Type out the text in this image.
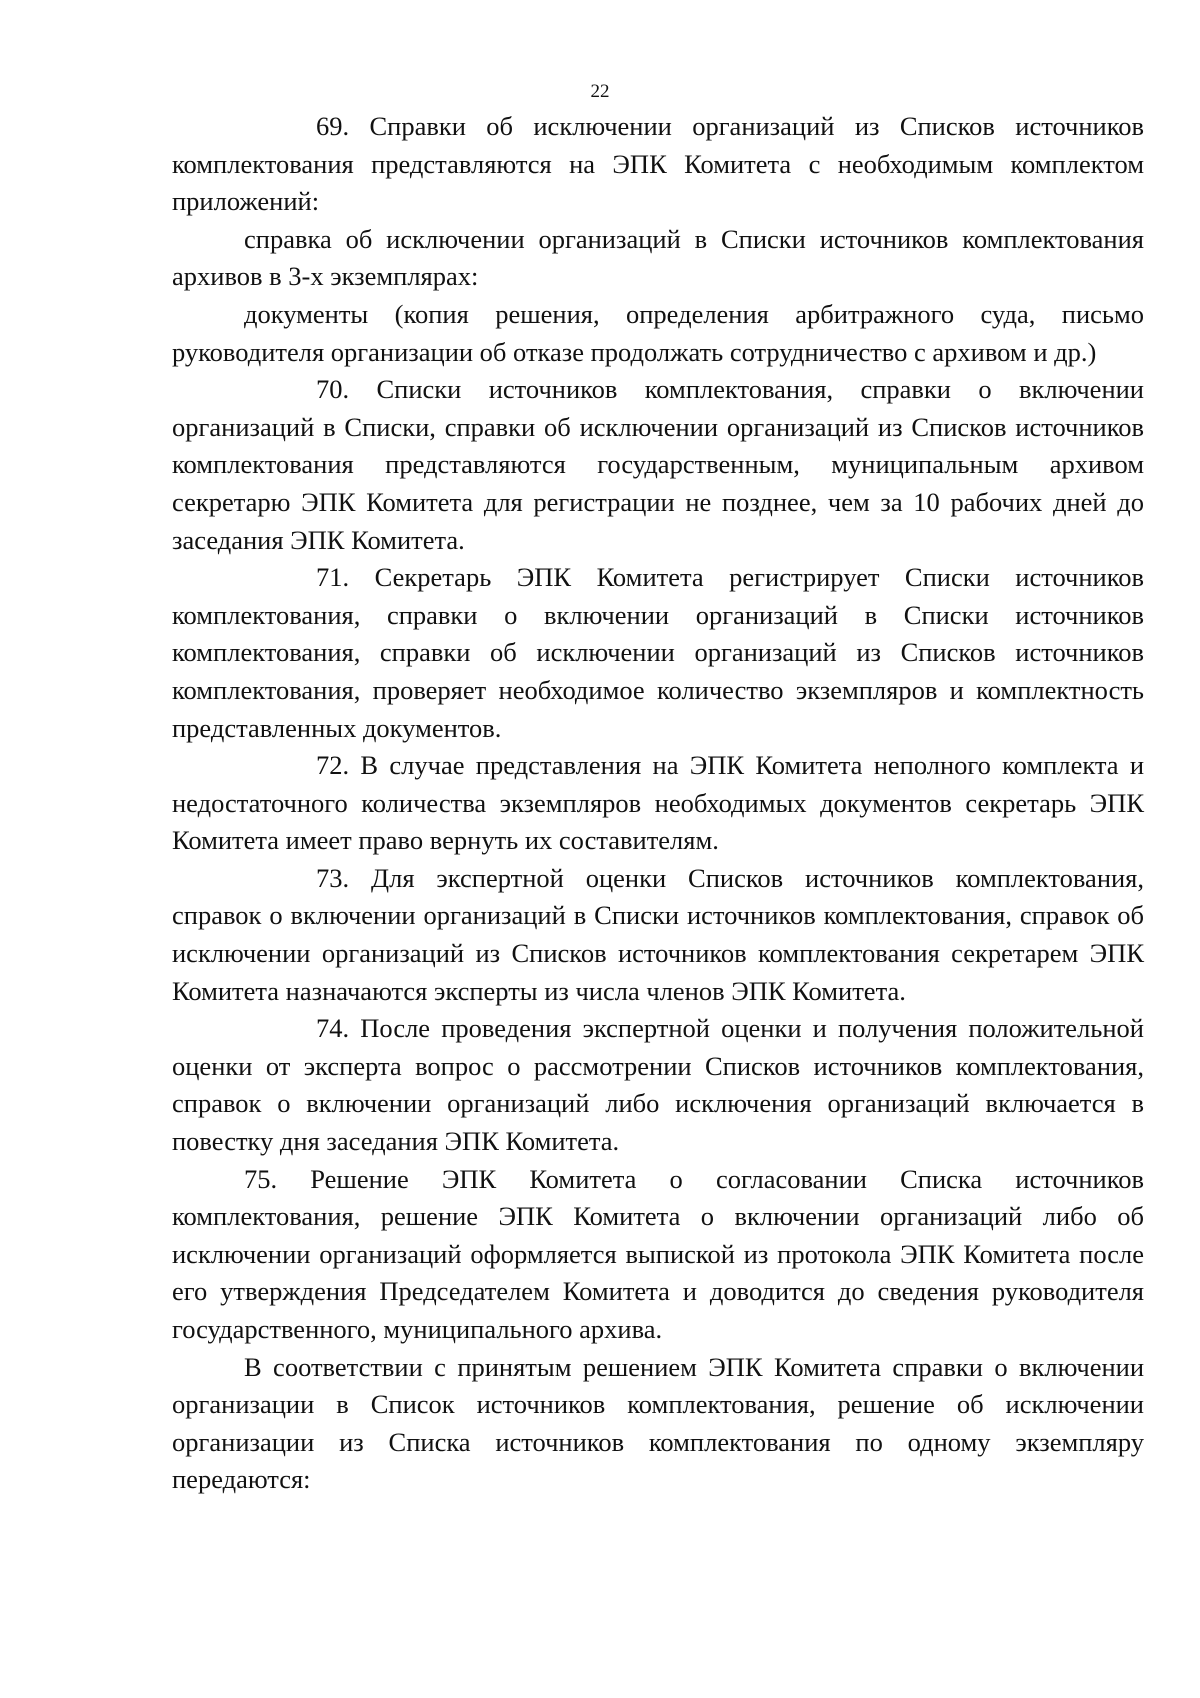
22

69. Справки об исключении организаций из Списков источников комплектования представляются на ЭПК Комитета с необходимым комплектом приложений:

справка об исключении организаций в Списки источников комплектования архивов в 3-х экземплярах:

документы (копия решения, определения арбитражного суда, письмо руководителя организации об отказе продолжать сотрудничество с архивом и др.)

70. Списки источников комплектования, справки о включении организаций в Списки, справки об исключении организаций из Списков источников комплектования представляются государственным, муниципальным архивом секретарю ЭПК Комитета для регистрации не позднее, чем за 10 рабочих дней до заседания ЭПК Комитета.

71. Секретарь ЭПК Комитета регистрирует Списки источников комплектования, справки о включении организаций в Списки источников комплектования, справки об исключении организаций из Списков источников комплектования, проверяет необходимое количество экземпляров и комплектность представленных документов.

72. В случае представления на ЭПК Комитета неполного комплекта и недостаточного количества экземпляров необходимых документов секретарь ЭПК Комитета имеет право вернуть их составителям.

73. Для экспертной оценки Списков источников комплектования, справок о включении организаций в Списки источников комплектования, справок об исключении организаций из Списков источников комплектования секретарем ЭПК Комитета назначаются эксперты из числа членов ЭПК Комитета.

74. После проведения экспертной оценки и получения положительной оценки от эксперта вопрос о рассмотрении Списков источников комплектования, справок о включении организаций либо исключения организаций включается в повестку дня заседания ЭПК Комитета.

75. Решение ЭПК Комитета о согласовании Списка источников комплектования, решение ЭПК Комитета о включении организаций либо об исключении организаций оформляется выпиской из протокола ЭПК Комитета после его утверждения Председателем Комитета и доводится до сведения руководителя государственного, муниципального архива.

В соответствии с принятым решением ЭПК Комитета справки о включении организации в Список источников комплектования, решение об исключении организации из Списка источников комплектования по одному экземпляру передаются:
